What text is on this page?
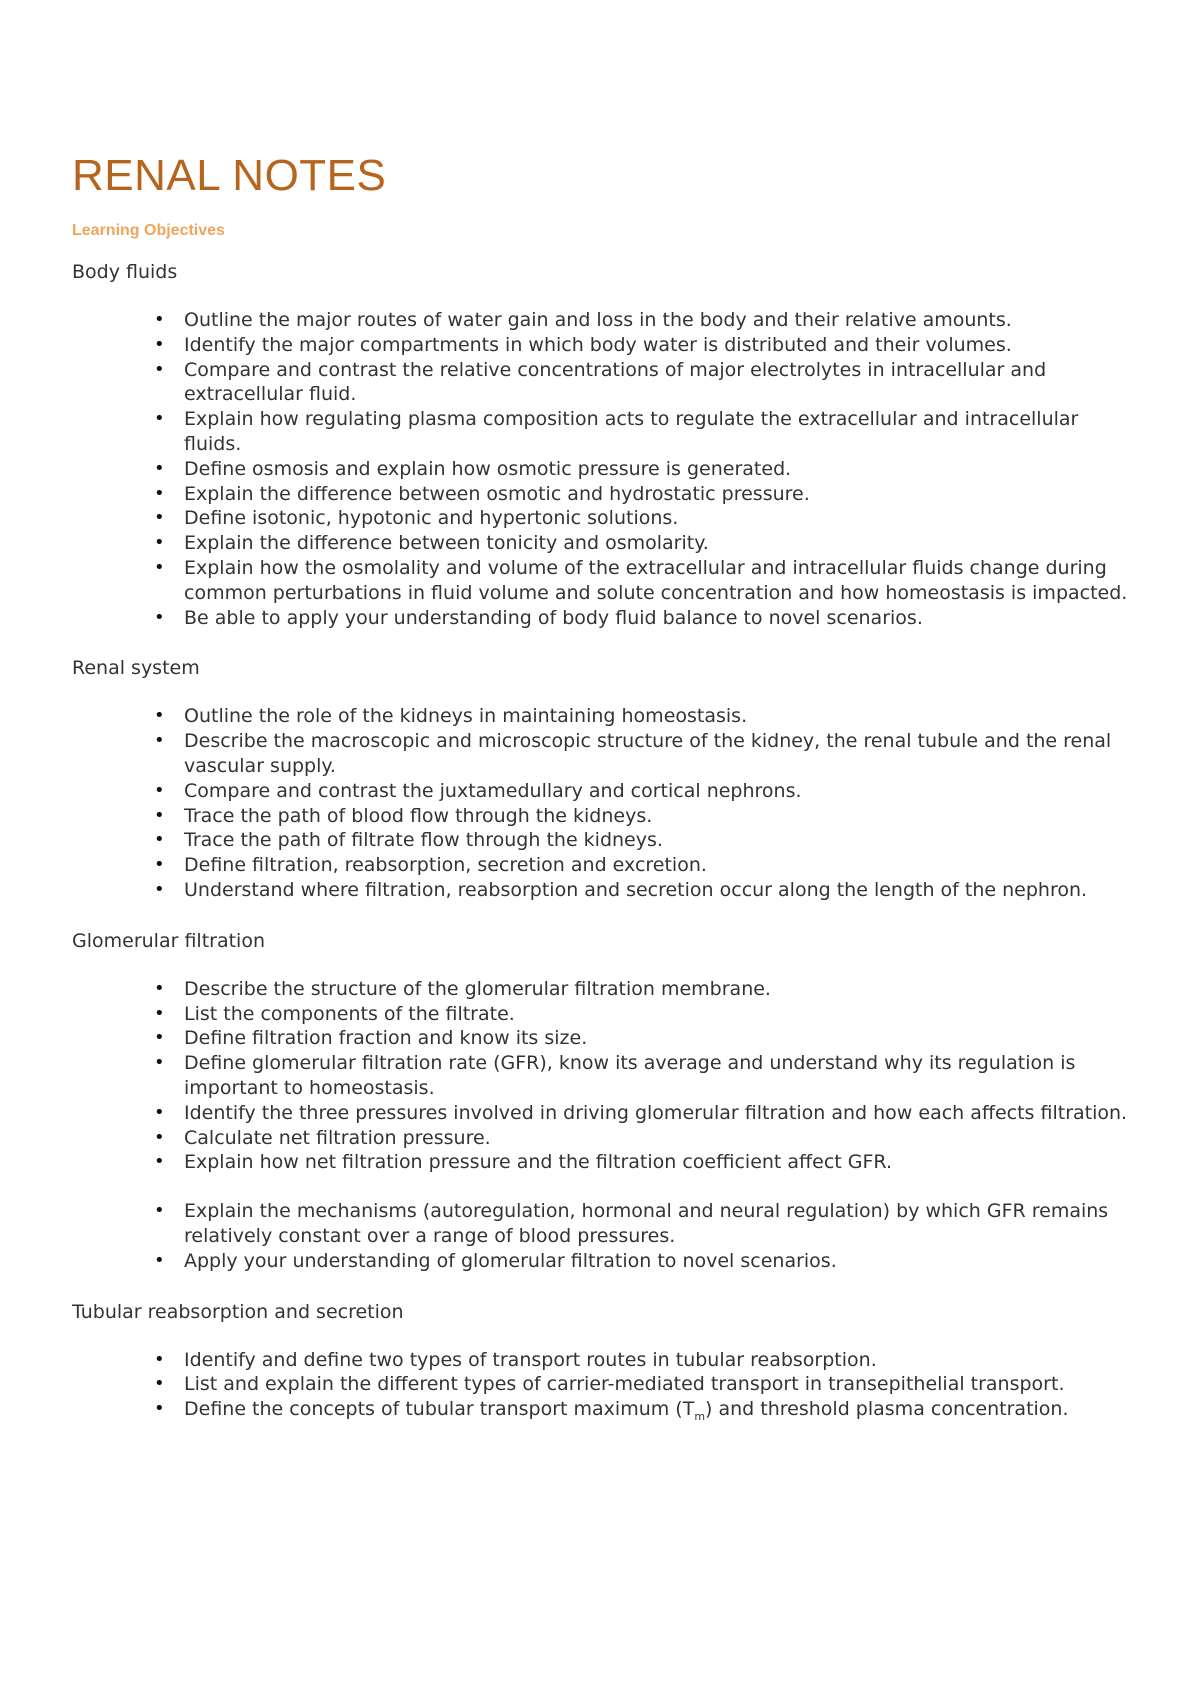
RENAL NOTES
Learning Objectives
Body fluids
• Outline the major routes of water gain and loss in the body and their relative amounts.
• Identify the major compartments in which body water is distributed and their volumes.
• Compare and contrast the relative concentrations of major electrolytes in intracellular and extracellular fluid.
• Explain how regulating plasma composition acts to regulate the extracellular and intracellular fluids.
• Define osmosis and explain how osmotic pressure is generated.
• Explain the difference between osmotic and hydrostatic pressure.
• Define isotonic, hypotonic and hypertonic solutions.
• Explain the difference between tonicity and osmolarity.
• Explain how the osmolality and volume of the extracellular and intracellular fluids change during common perturbations in fluid volume and solute concentration and how homeostasis is impacted.
• Be able to apply your understanding of body fluid balance to novel scenarios.
Renal system
• Outline the role of the kidneys in maintaining homeostasis.
• Describe the macroscopic and microscopic structure of the kidney, the renal tubule and the renal vascular supply.
• Compare and contrast the juxtamedullary and cortical nephrons.
• Trace the path of blood flow through the kidneys.
• Trace the path of filtrate flow through the kidneys.
• Define filtration, reabsorption, secretion and excretion.
• Understand where filtration, reabsorption and secretion occur along the length of the nephron.
Glomerular filtration
• Describe the structure of the glomerular filtration membrane.
• List the components of the filtrate.
• Define filtration fraction and know its size.
• Define glomerular filtration rate (GFR), know its average and understand why its regulation is important to homeostasis.
• Identify the three pressures involved in driving glomerular filtration and how each affects filtration.
• Calculate net filtration pressure.
• Explain how net filtration pressure and the filtration coefficient affect GFR.
• Explain the mechanisms (autoregulation, hormonal and neural regulation) by which GFR remains relatively constant over a range of blood pressures.
• Apply your understanding of glomerular filtration to novel scenarios.
Tubular reabsorption and secretion
• Identify and define two types of transport routes in tubular reabsorption.
• List and explain the different types of carrier-mediated transport in transepithelial transport.
• Define the concepts of tubular transport maximum $(T_m)$ and threshold plasma concentration.
